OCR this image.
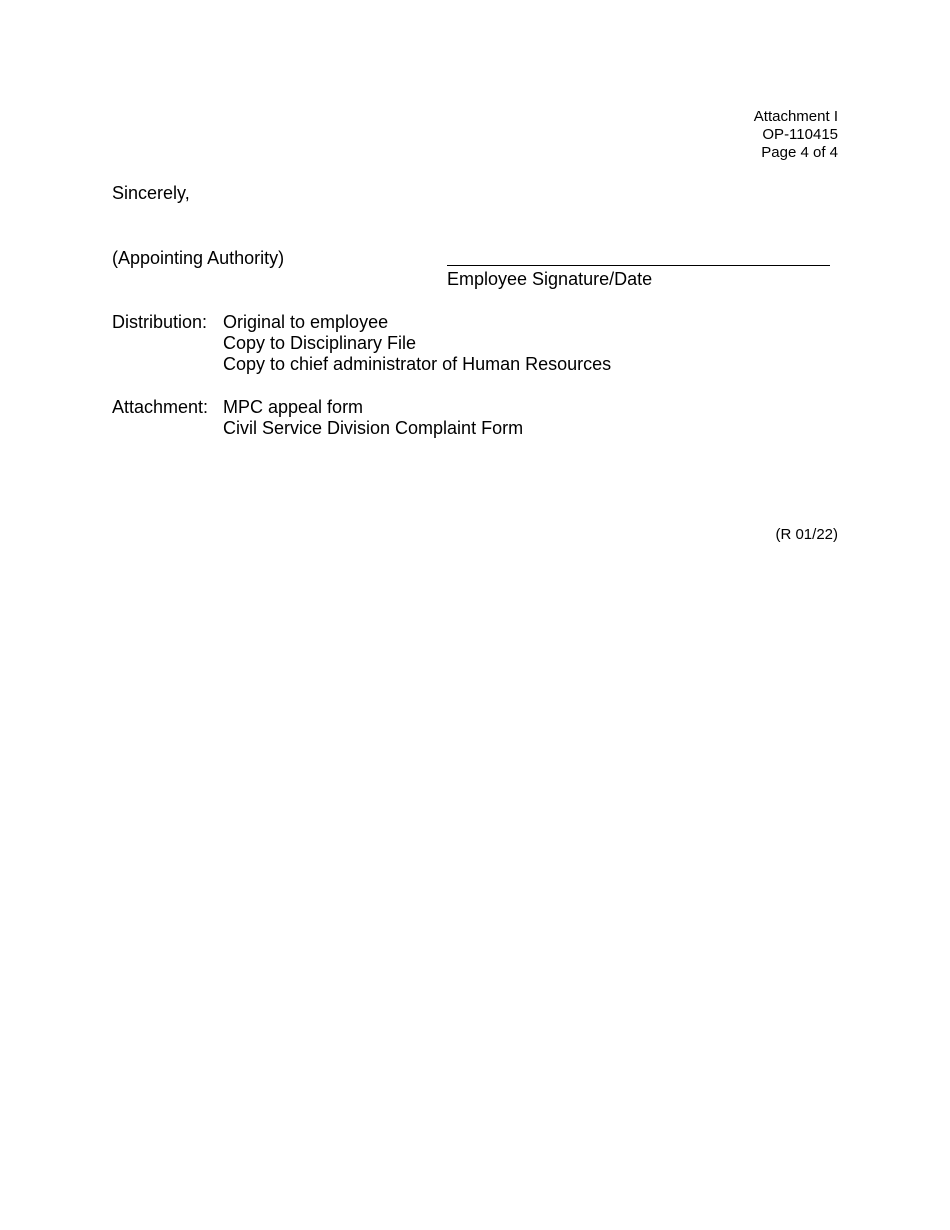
Attachment I
OP-110415
Page 4 of 4
Sincerely,
(Appointing Authority)
Employee Signature/Date
Distribution: Original to employee
Copy to Disciplinary File
Copy to chief administrator of Human Resources
Attachment: MPC appeal form
Civil Service Division Complaint Form
(R 01/22)
